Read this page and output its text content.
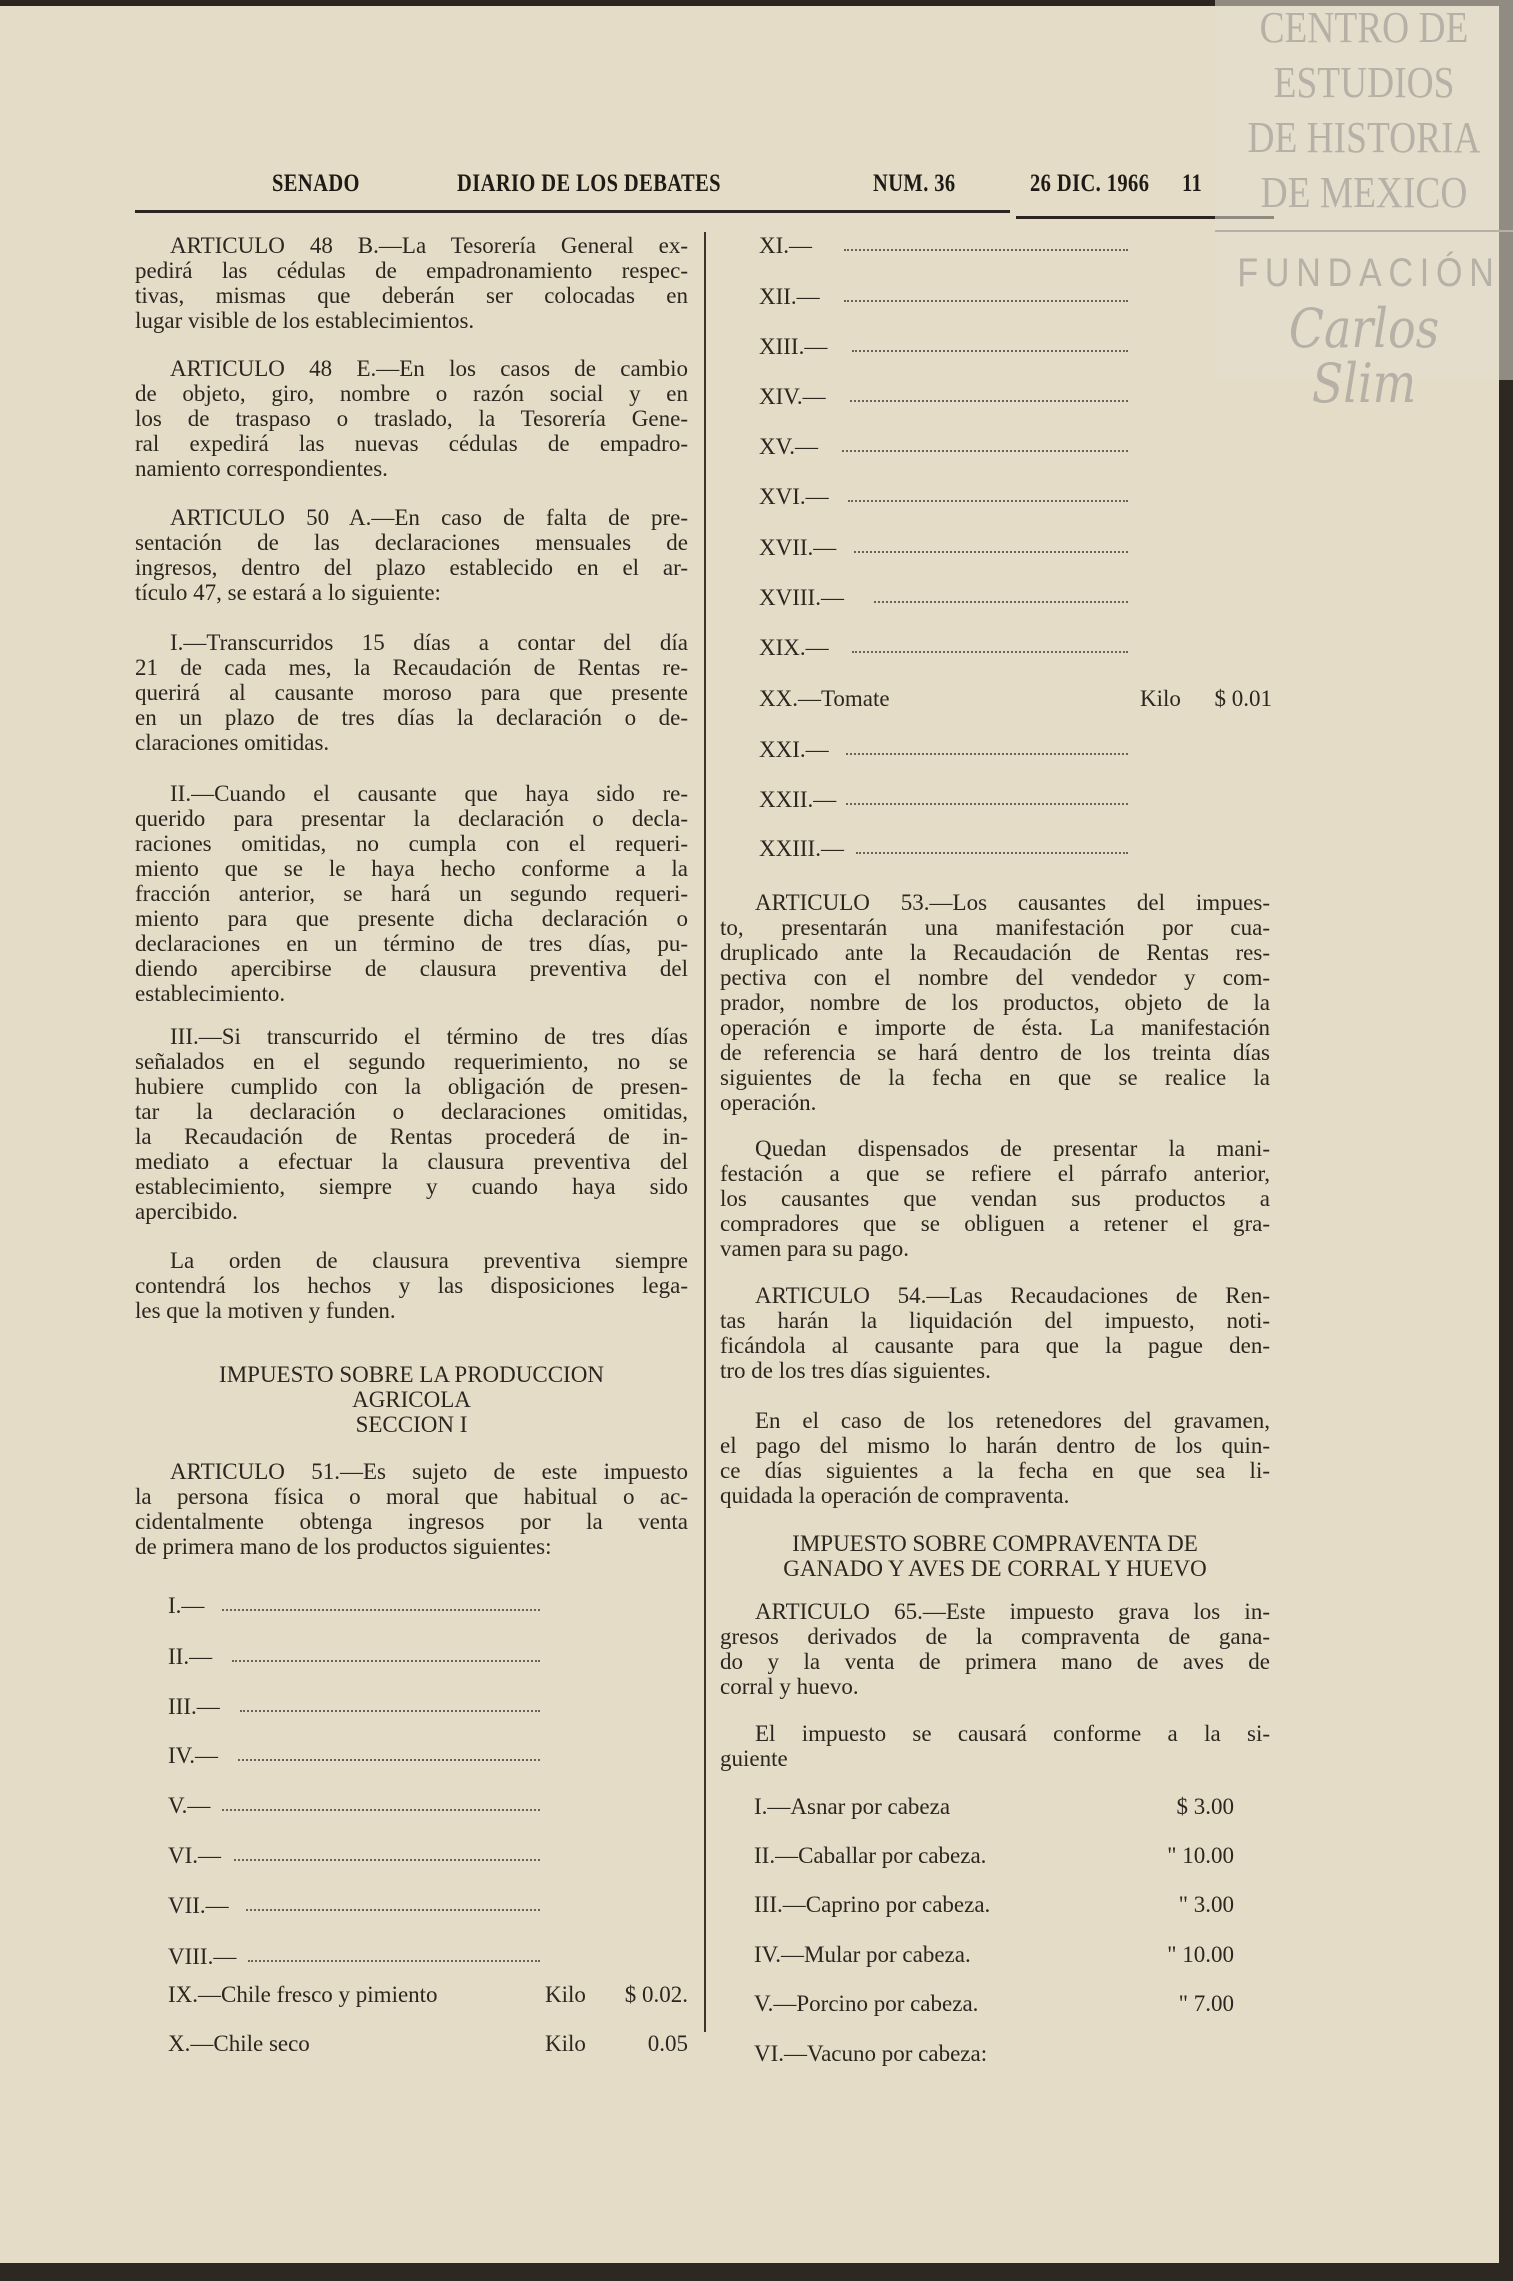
SENADO	DIARIO DE LOS DEBATES	NUM. 36	26 DIC. 1966 11
ARTICULO 48 B.—La Tesorería General ex-
pedirá las cédulas de empadronamiento respec-
tivas, mismas que deberán ser colocadas en
lugar visible de los establecimientos.
ARTICULO 48 E.—En los casos de cambio
de objeto, giro, nombre o razón social y en
los de traspaso o traslado, la Tesorería Gene-
ral expedirá las nuevas cédulas de empadro-
namiento correspondientes.
ARTICULO 50 A.—En caso de falta de pre-
sentación de las declaraciones mensuales de
ingresos, dentro del plazo establecido en el ar-
tículo 47, se estará a lo siguiente:
I.—Transcurridos 15 días a contar del día
21 de cada mes, la Recaudación de Rentas re-
querirá al causante moroso para que presente
en un plazo de tres días la declaración o de-
claraciones omitidas.
II.—Cuando el causante que haya sido re-
querido para presentar la declaración o decla-
raciones omitidas, no cumpla con el requeri-
miento que se le haya hecho conforme a la
fracción anterior, se hará un segundo requeri-
miento para que presente dicha declaración o
declaraciones en un término de tres días, pu-
diendo apercibirse de clausura preventiva del
establecimiento.
III.—Si transcurrido el término de tres días
señalados en el segundo requerimiento, no se
hubiere cumplido con la obligación de presen-
tar la declaración o declaraciones omitidas,
la Recaudación de Rentas procederá de in-
mediato a efectuar la clausura preventiva del
establecimiento, siempre y cuando haya sido
apercibido.
La orden de clausura preventiva siempre
contendrá los hechos y las disposiciones lega-
les que la motiven y funden.
IMPUESTO SOBRE LA PRODUCCION
AGRICOLA
SECCION I
ARTICULO 51.—Es sujeto de este impuesto
la persona física o moral que habitual o ac-
cidentalmente obtenga ingresos por la venta
de primera mano de los productos siguientes:
I.—
II.—
III.—
IV.—
V.—
VI.—
VII.—
VIII.—
IX.—Chile fresco y pimiento	Kilo $ 0.02.
X.—Chile seco	Kilo	0.05
XI.—
XII.—
XIII.—
XIV.—
XV.—
XVI.—
XVII.—
XVIII.—
XIX.—
XX.—Tomate	Kilo $ 0.01
XXI.—
XXII.—
XXIII.—
ARTICULO 53.—Los causantes del impues-
to, presentarán una manifestación por cua-
druplicado ante la Recaudación de Rentas res-
pectiva con el nombre del vendedor y com-
prador, nombre de los productos, objeto de la
operación e importe de ésta. La manifestación
de referencia se hará dentro de los treinta días
siguientes de la fecha en que se realice la
operación.
Quedan dispensados de presentar la mani-
festación a que se refiere el párrafo anterior,
los causantes que vendan sus productos a
compradores que se obliguen a retener el gra-
vamen para su pago.
ARTICULO 54.—Las Recaudaciones de Ren-
tas harán la liquidación del impuesto, noti-
ficándola al causante para que la pague den-
tro de los tres días siguientes.
En el caso de los retenedores del gravamen,
el pago del mismo lo harán dentro de los quin-
ce días siguientes a la fecha en que sea li-
quidada la operación de compraventa.
IMPUESTO SOBRE COMPRAVENTA DE
GANADO Y AVES DE CORRAL Y HUEVO
ARTICULO 65.—Este impuesto grava los in-
gresos derivados de la compraventa de gana-
do y la venta de primera mano de aves de
corral y huevo.
El impuesto se causará conforme a la si-
guiente
I.—Asnar por cabeza	$ 3.00
II.—Caballar por cabeza.	" 10.00
III.—Caprino por cabeza.	" 3.00
IV.—Mular por cabeza.	" 10.00
V.—Porcino por cabeza.	" 7.00
VI.—Vacuno por cabeza:
CENTRO DE
ESTUDIOS
DE HISTORIA
DE MEXICO
FUNDACIÓN
Carlos Slim
